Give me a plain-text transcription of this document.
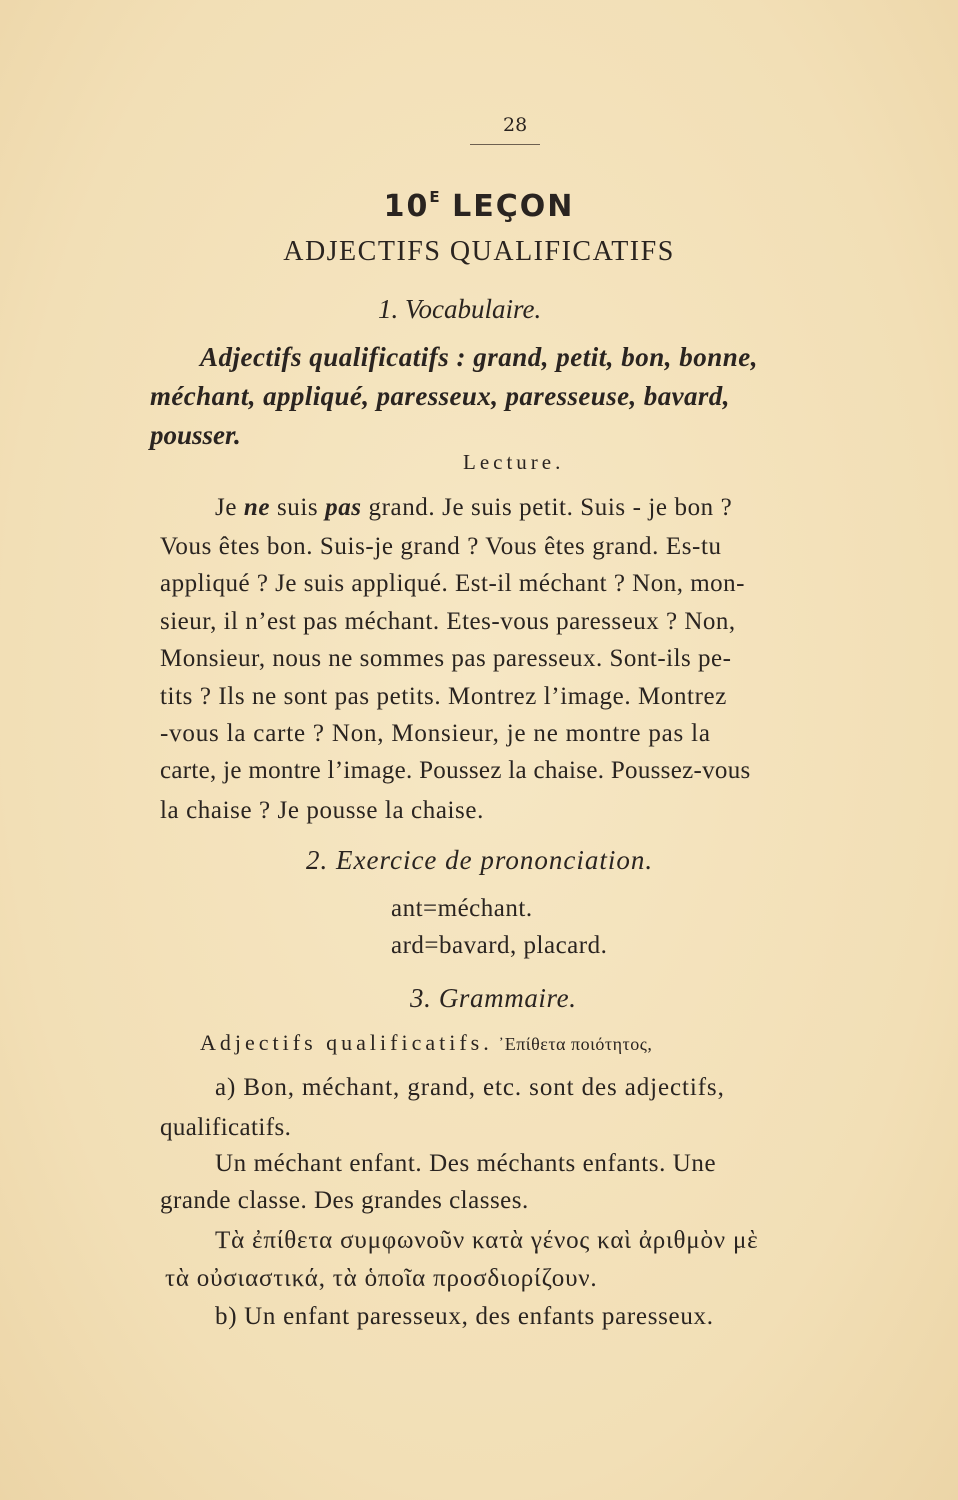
28
$10^E$ LEÇON
ADJECTIFS QUALIFICATIFS
1. Vocabulaire.
Adjectifs qualificatifs : grand, petit, bon, bonne,
méchant, appliqué, paresseux, paresseuse, bavard,
pousser.
Lecture.
Je ne suis pas grand. Je suis petit. Suis - je bon ?
Vous êtes bon. Suis-je grand ? Vous êtes grand. Es-tu
appliqué ? Je suis appliqué. Est-il méchant ? Non, mon-
sieur, il n’est pas méchant. Etes-vous paresseux ? Non,
Monsieur, nous ne sommes pas paresseux. Sont-ils pe-
tits ? Ils ne sont pas petits. Montrez l’image. Montrez
-vous la carte ? Non, Monsieur, je ne montre pas la
carte, je montre l’image. Poussez la chaise. Poussez-vous
la chaise ? Je pousse la chaise.
2. Exercice de prononciation.
ant=méchant.
ard=bavard, placard.
3. Grammaire.
Adjectifs qualificatifs. ᾿Επίθετα ποιότητος,
a) Bon, méchant, grand, etc. sont des adjectifs,
qualificatifs.
Un méchant enfant. Des méchants enfants. Une
grande classe. Des grandes classes.
Τὰ ἐπίθετα συμφωνοῦν κατὰ γένος καὶ ἀριθμὸν μὲ
τὰ οὐσιαστικά, τὰ ὁποῖα προσδιορίζουν.
b) Un enfant paresseux, des enfants paresseux.
